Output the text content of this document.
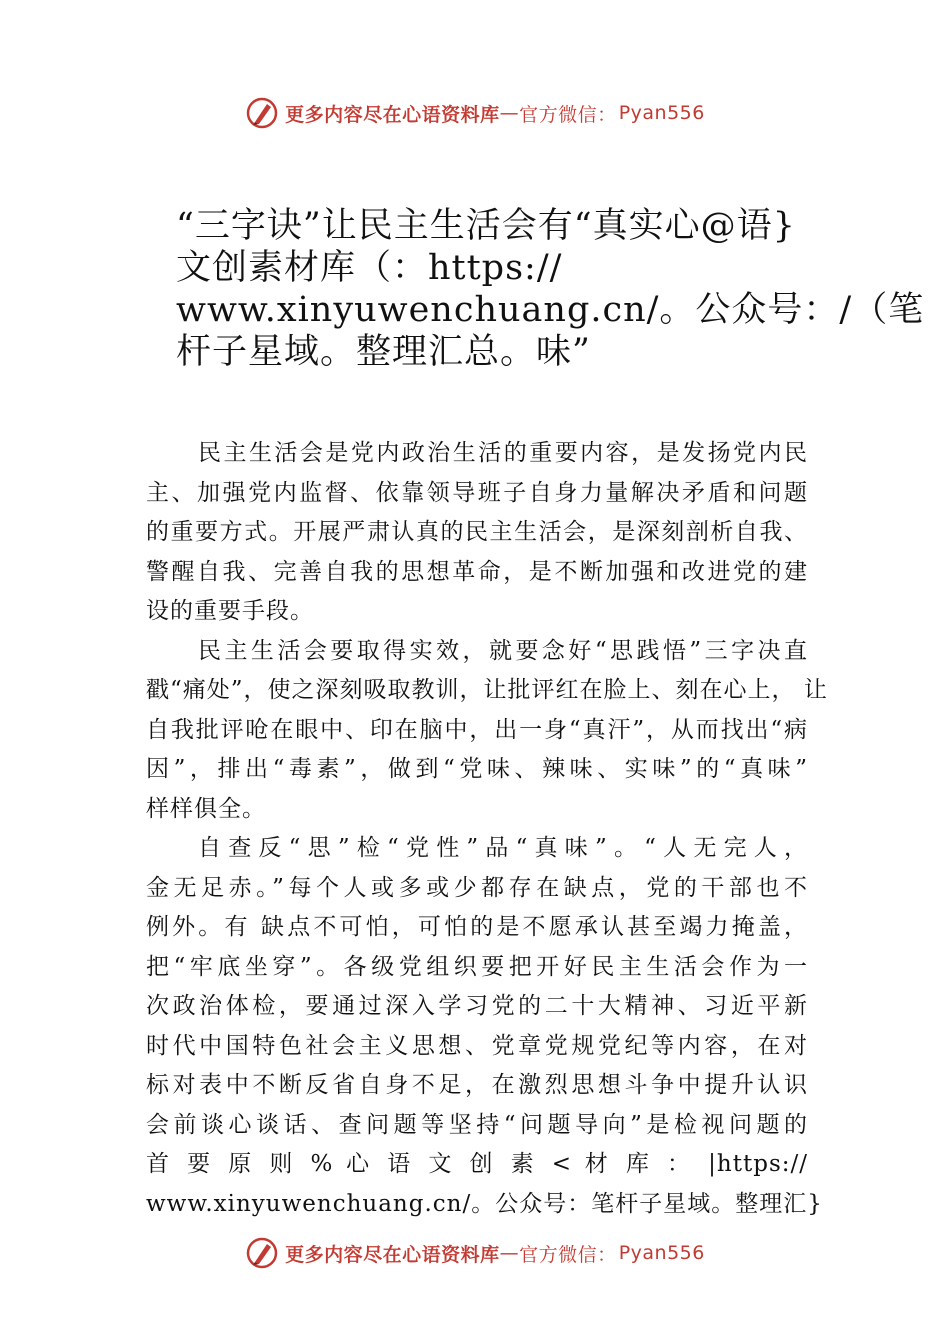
更多内容尽在心语资料库 — 官方微信： Pyan556
“三字诀”让民主生活会有“真实心@语}
文创素材库（：https://
www.xinyuwenchuang.cn/。公众号：/（笔
杆子星域。整理汇总。味”
民主生活会是党内政治生活的重要内容，是发扬党内民
主、加强党内监督、依靠领导班子自身力量解决矛盾和问题
的重要方式。开展严肃认真的民主生活会，是深刻剖析自我、
警醒自我、完善自我的思想革命，是不断加强和改进党的建
设的重要手段。
民主生活会要取得实效，就要念好“思践悟”三字决直
戳“痛处”，使之深刻吸取教训，让批评红在脸上、刻在心上， 让
自我批评呛在眼中、印在脑中，出一身“真汗”，从而找出“病
因”，排出“毒素”，做到“党味、辣味、实味”的“真味”
样样俱全。
自查反“思”检“党性”品“真味”。“人无完人，
金无足赤。”每个人或多或少都存在缺点，党的干部也不
例外。有 缺点不可怕，可怕的是不愿承认甚至竭力掩盖，
把“牢底坐穿”。各级党组织要把开好民主生活会作为一
次政治体检，要通过深入学习党的二十大精神、习近平新
时代中国特色社会主义思想、党章党规党纪等内容，在对
标对表中不断反省自身不足，在激烈思想斗争中提升认识
会前谈心谈话、查问题等坚持“问题导向”是检视问题的
首 要 原 则 % 心 语 文 创 素 < 材 库 ： |https://
www.xinyuwenchuang.cn/。公众号：笔杆子星域。整理汇}
更多内容尽在心语资料库 — 官方微信： Pyan556
